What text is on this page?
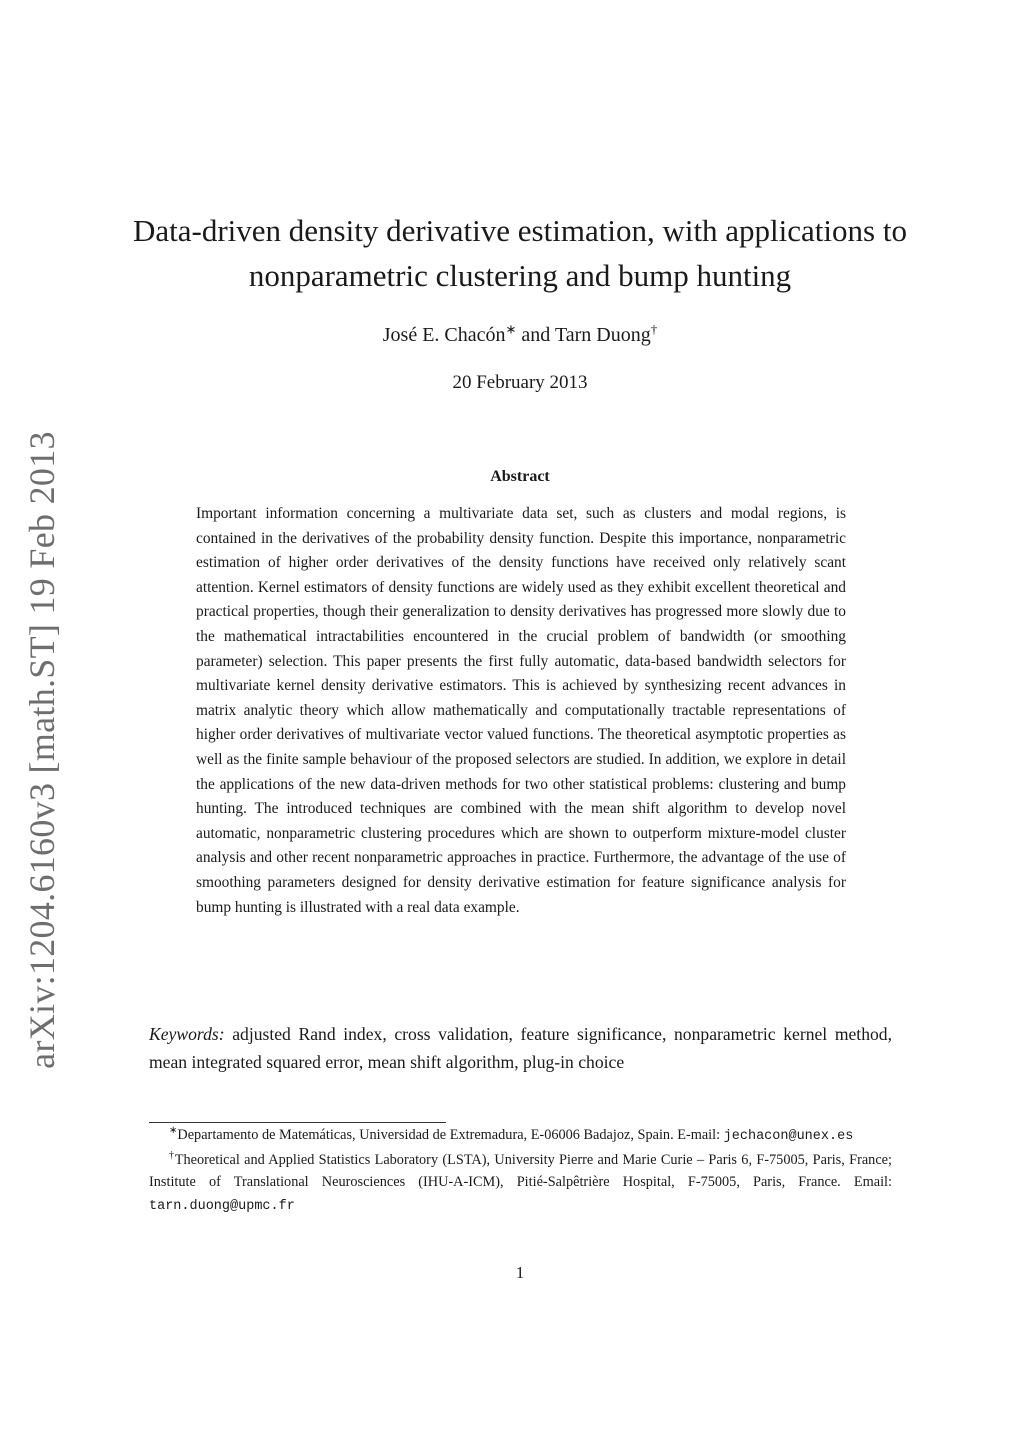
arXiv:1204.6160v3 [math.ST] 19 Feb 2013
Data-driven density derivative estimation, with applications to nonparametric clustering and bump hunting
José E. Chacón∗ and Tarn Duong†
20 February 2013
Abstract
Important information concerning a multivariate data set, such as clusters and modal regions, is contained in the derivatives of the probability density function. Despite this importance, nonparametric estimation of higher order derivatives of the density functions have received only relatively scant attention. Kernel estimators of density functions are widely used as they exhibit excellent theoretical and practical properties, though their generalization to density derivatives has progressed more slowly due to the mathematical intractabilities encountered in the crucial problem of bandwidth (or smoothing parameter) selection. This paper presents the first fully automatic, data-based bandwidth selectors for multivariate kernel density derivative estimators. This is achieved by synthesizing recent advances in matrix analytic theory which allow mathematically and computationally tractable representations of higher order derivatives of multivariate vector valued functions. The theoretical asymptotic properties as well as the finite sample behaviour of the proposed selectors are studied. In addition, we explore in detail the applications of the new data-driven methods for two other statistical problems: clustering and bump hunting. The introduced techniques are combined with the mean shift algorithm to develop novel automatic, nonparametric clustering procedures which are shown to outperform mixture-model cluster analysis and other recent nonparametric approaches in practice. Furthermore, the advantage of the use of smoothing parameters designed for density derivative estimation for feature significance analysis for bump hunting is illustrated with a real data example.
Keywords: adjusted Rand index, cross validation, feature significance, nonparametric kernel method, mean integrated squared error, mean shift algorithm, plug-in choice

∗Departamento de Matemáticas, Universidad de Extremadura, E-06006 Badajoz, Spain. E-mail: jechacon@unex.es

†Theoretical and Applied Statistics Laboratory (LSTA), University Pierre and Marie Curie – Paris 6, F-75005, Paris, France; Institute of Translational Neurosciences (IHU-A-ICM), Pitié-Salpêtrière Hospital, F-75005, Paris, France. Email: tarn.duong@upmc.fr

1
